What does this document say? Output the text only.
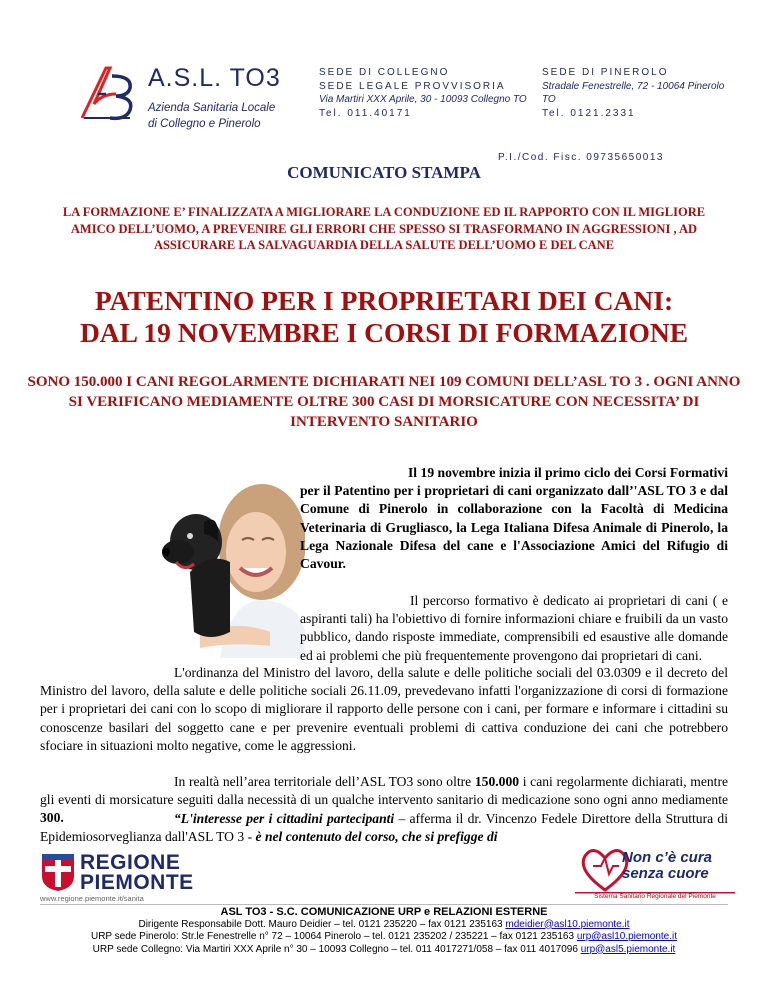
A.S.L. TO3
Azienda Sanitaria Locale
di Collegno e Pinerolo
SEDE DI COLLEGNO
SEDE LEGALE PROVVISORIA
Via Martiri XXX Aprile, 30 - 10093 Collegno TO
Tel. 011.40171
SEDE DI PINEROLO
Stradale Fenestrelle, 72 - 10064 Pinerolo TO
Tel. 0121.2331
P.I./Cod. Fisc. 09735650013
COMUNICATO STAMPA
LA FORMAZIONE E’ FINALIZZATA A MIGLIORARE LA CONDUZIONE ED IL RAPPORTO CON IL MIGLIORE AMICO DELL’UOMO, A PREVENIRE GLI ERRORI CHE SPESSO SI TRASFORMANO IN AGGRESSIONI , AD ASSICURARE LA SALVAGUARDIA DELLA SALUTE DELL’UOMO E DEL CANE
PATENTINO PER I PROPRIETARI DEI CANI:
DAL 19 NOVEMBRE I CORSI DI FORMAZIONE
SONO 150.000 I CANI REGOLARMENTE DICHIARATI NEI 109 COMUNI DELL’ASL TO 3 . OGNI ANNO SI VERIFICANO MEDIAMENTE OLTRE 300 CASI DI MORSICATURE CON NECESSITA’ DI INTERVENTO SANITARIO
Il 19 novembre inizia il primo ciclo dei Corsi Formativi per il Patentino per i proprietari di cani organizzato dall’'ASL TO 3 e dal Comune di Pinerolo in collaborazione con la Facoltà di Medicina Veterinaria di Grugliasco, la Lega Italiana Difesa Animale di Pinerolo, la Lega Nazionale Difesa del cane e l'Associazione Amici del Rifugio di Cavour.
Il percorso formativo è dedicato ai proprietari di cani ( e aspiranti tali) ha l'obiettivo di fornire informazioni chiare e fruibili da un vasto pubblico, dando risposte immediate, comprensibili ed esaustive alle domande ed ai problemi che più frequentemente provengono dai proprietari di cani.
L'ordinanza del Ministro del lavoro, della salute e delle politiche sociali del 03.0309 e il decreto del Ministro del lavoro, della salute e delle politiche sociali 26.11.09, prevedevano infatti l'organizzazione di corsi di formazione per i proprietari dei cani con lo scopo di migliorare il rapporto delle persone con i cani, per formare e informare i cittadini su conoscenze basilari del soggetto cane e per prevenire eventuali problemi di cattiva conduzione dei cani che potrebbero sfociare in situazioni molto negative, come le aggressioni.
In realtà nell’area territoriale dell’ASL TO3 sono oltre 150.000 i cani regolarmente dichiarati, mentre gli eventi di morsicature seguiti dalla necessità di un qualche intervento sanitario di medicazione sono ogni anno mediamente 300.	“L'interesse per i cittadini partecipanti – afferma il dr. Vincenzo Fedele Direttore della Struttura di Epidemiosorveglianza dall'ASL TO 3 - è nel contenuto del corso, che si prefigge di
REGIONE
PIEMONTE
www.regione.piemonte.it/sanita
Non c’è cura
senza cuore
Sistema Sanitario Regionale del Piemonte
ASL TO3 - S.C. COMUNICAZIONE URP e RELAZIONI ESTERNE
Dirigente Responsabile Dott. Mauro Deidier – tel. 0121 235220 – fax 0121 235163 mdeidier@asl10.piemonte.it
URP sede Pinerolo: Str.le Fenestrelle n° 72 – 10064 Pinerolo – tel. 0121 235202 / 235221 – fax 0121 235163 urp@asl10.piemonte.it
URP sede Collegno: Via Martiri XXX Aprile n° 30 – 10093 Collegno – tel. 011 4017271/058 – fax 011 4017096 urp@asl5.piemonte.it
